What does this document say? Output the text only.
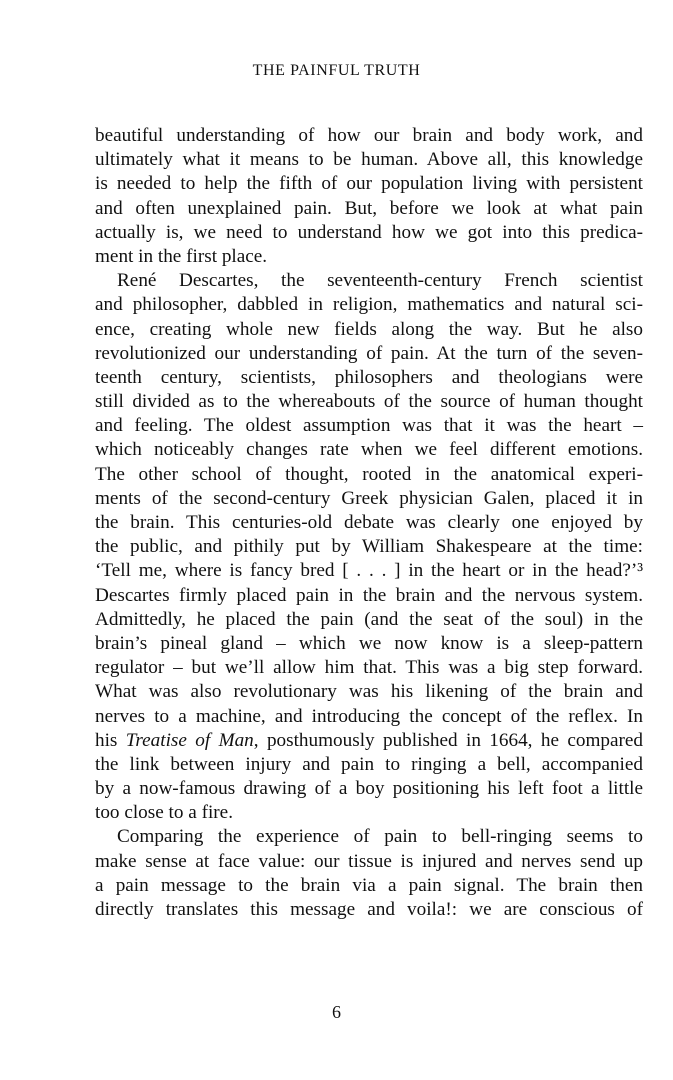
THE PAINFUL TRUTH
beautiful understanding of how our brain and body work, and
ultimately what it means to be human. Above all, this knowledge
is needed to help the fifth of our population living with persistent
and often unexplained pain. But, before we look at what pain
actually is, we need to understand how we got into this predica-
ment in the first place.
René Descartes, the seventeenth-century French scientist
and philosopher, dabbled in religion, mathematics and natural sci-
ence, creating whole new fields along the way. But he also
revolutionized our understanding of pain. At the turn of the seven-
teenth century, scientists, philosophers and theologians were
still divided as to the whereabouts of the source of human thought
and feeling. The oldest assumption was that it was the heart –
which noticeably changes rate when we feel different emotions.
The other school of thought, rooted in the anatomical experi-
ments of the second-century Greek physician Galen, placed it in
the brain. This centuries-old debate was clearly one enjoyed by
the public, and pithily put by William Shakespeare at the time:
‘Tell me, where is fancy bred [ . . . ] in the heart or in the head?’³
Descartes firmly placed pain in the brain and the nervous system.
Admittedly, he placed the pain (and the seat of the soul) in the
brain’s pineal gland – which we now know is a sleep-pattern
regulator – but we’ll allow him that. This was a big step forward.
What was also revolutionary was his likening of the brain and
nerves to a machine, and introducing the concept of the reflex. In
his Treatise of Man, posthumously published in 1664, he compared
the link between injury and pain to ringing a bell, accompanied
by a now-famous drawing of a boy positioning his left foot a little
too close to a fire.
Comparing the experience of pain to bell-ringing seems to
make sense at face value: our tissue is injured and nerves send up
a pain message to the brain via a pain signal. The brain then
directly translates this message and voila!: we are conscious of
6
